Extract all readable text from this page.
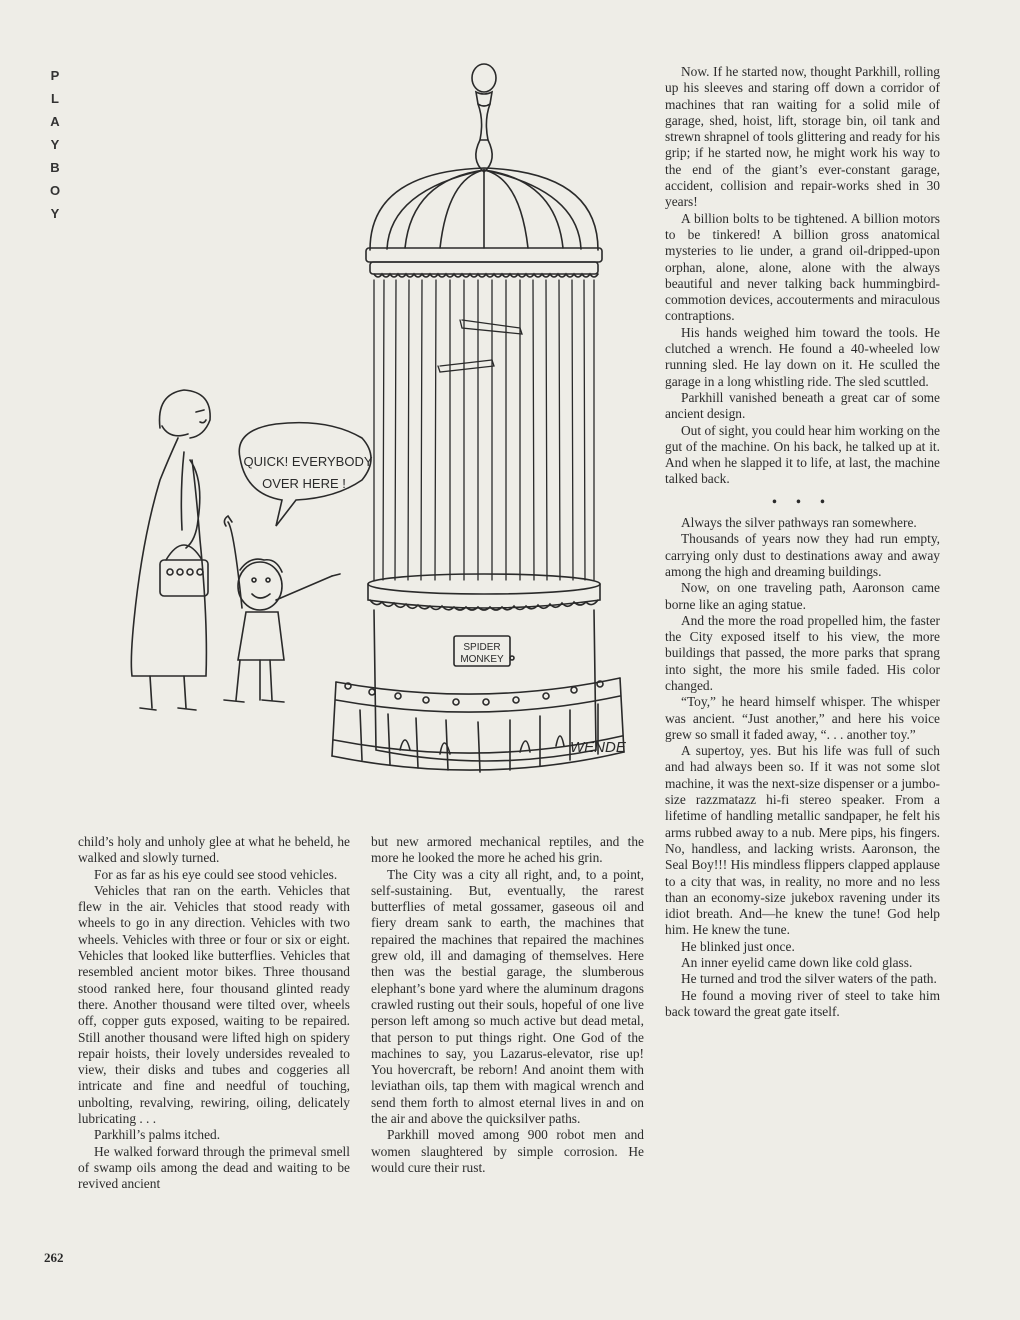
P
L
A
Y
B
O
Y
SPIDER
MONKEY
QUICK! EVERYBODY
OVER HERE !
WENDE

child’s holy and unholy glee at what he beheld, he walked and slowly turned.

For as far as his eye could see stood vehicles.

Vehicles that ran on the earth. Vehicles that flew in the air. Vehicles that stood ready with wheels to go in any direction. Vehicles with two wheels. Vehicles with three or four or six or eight. Vehicles that looked like butterflies. Vehicles that resembled ancient motor bikes. Three thousand stood ranked here, four thousand glinted ready there. Another thousand were tilted over, wheels off, copper guts exposed, waiting to be repaired. Still another thousand were lifted high on spidery repair hoists, their lovely undersides revealed to view, their disks and tubes and coggeries all intricate and fine and needful of touching, unbolting, revalving, rewiring, oiling, delicately lubricating . . .

Parkhill’s palms itched.

He walked forward through the primeval smell of swamp oils among the dead and waiting to be revived ancient

but new armored mechanical reptiles, and the more he looked the more he ached his grin.

The City was a city all right, and, to a point, self-sustaining. But, eventually, the rarest butterflies of metal gossamer, gaseous oil and fiery dream sank to earth, the machines that repaired the machines that repaired the machines grew old, ill and damaging of themselves. Here then was the bestial garage, the slumberous elephant’s bone yard where the aluminum dragons crawled rusting out their souls, hopeful of one live person left among so much active but dead metal, that person to put things right. One God of the machines to say, you Lazarus-elevator, rise up! You hovercraft, be reborn! And anoint them with leviathan oils, tap them with magical wrench and send them forth to almost eternal lives in and on the air and above the quicksilver paths.

Parkhill moved among 900 robot men and women slaughtered by simple corrosion. He would cure their rust.

Now. If he started now, thought Parkhill, rolling up his sleeves and staring off down a corridor of machines that ran waiting for a solid mile of garage, shed, hoist, lift, storage bin, oil tank and strewn shrapnel of tools glittering and ready for his grip; if he started now, he might work his way to the end of the giant’s ever-constant garage, accident, collision and repair-works shed in 30 years!

A billion bolts to be tightened. A billion motors to be tinkered! A billion gross anatomical mysteries to lie under, a grand oil-dripped-upon orphan, alone, alone, alone with the always beautiful and never talking back hummingbird-commotion devices, accouterments and miraculous contraptions.

His hands weighed him toward the tools. He clutched a wrench. He found a 40-wheeled low running sled. He lay down on it. He sculled the garage in a long whistling ride. The sled scuttled.

Parkhill vanished beneath a great car of some ancient design.

Out of sight, you could hear him working on the gut of the machine. On his back, he talked up at it. And when he slapped it to life, at last, the machine talked back.

• • •

Always the silver pathways ran somewhere.

Thousands of years now they had run empty, carrying only dust to destinations away and away among the high and dreaming buildings.

Now, on one traveling path, Aaronson came borne like an aging statue.

And the more the road propelled him, the faster the City exposed itself to his view, the more buildings that passed, the more parks that sprang into sight, the more his smile faded. His color changed.

“Toy,” he heard himself whisper. The whisper was ancient. “Just another,” and here his voice grew so small it faded away, “. . . another toy.”

A supertoy, yes. But his life was full of such and had always been so. If it was not some slot machine, it was the next-size dispenser or a jumbo-size razzmatazz hi-fi stereo speaker. From a lifetime of handling metallic sandpaper, he felt his arms rubbed away to a nub. Mere pips, his fingers. No, handless, and lacking wrists. Aaronson, the Seal Boy!!! His mindless flippers clapped applause to a city that was, in reality, no more and no less than an economy-size jukebox ravening under its idiot breath. And—he knew the tune! God help him. He knew the tune.

He blinked just once.

An inner eyelid came down like cold glass.

He turned and trod the silver waters of the path.

He found a moving river of steel to take him back toward the great gate itself.

262
